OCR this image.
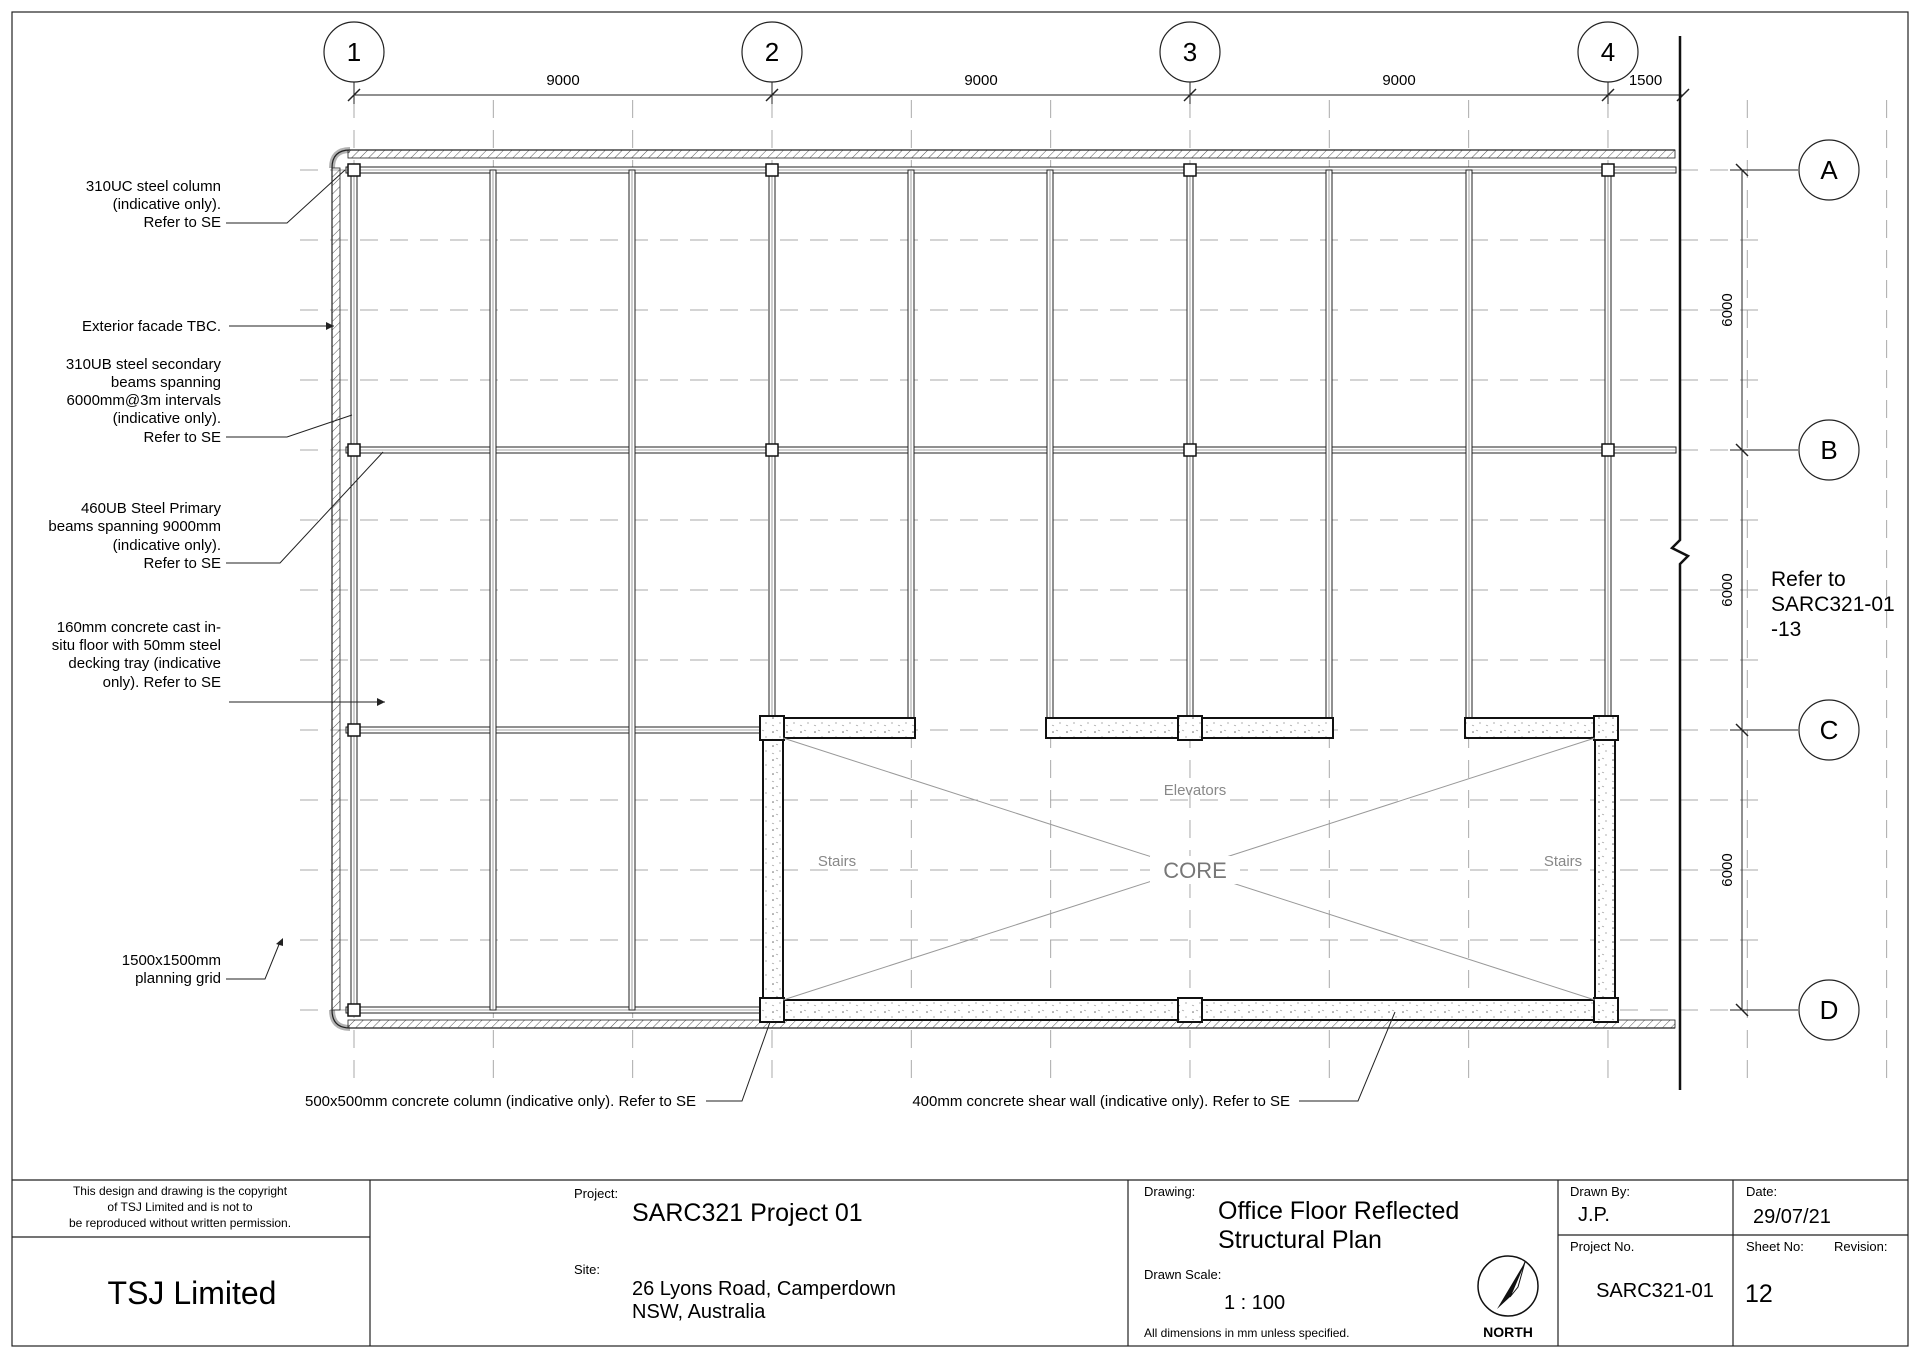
CORE
Elevators
Stairs	Stairs
1	2	3	4
9000	9000	9000	1500
A
B
C
D
6000
6000
6000
Refer to
SARC321-01
-13
310UC steel column
(indicative only).
Refer to SE
Exterior facade TBC.
310UB steel secondary
beams spanning
6000mm@3m intervals
(indicative only).
Refer to SE
460UB Steel Primary
beams spanning 9000mm
(indicative only).
Refer to SE
160mm concrete cast in-
situ floor with 50mm steel
decking tray (indicative
only). Refer to SE
1500x1500mm
planning grid
500x500mm concrete column (indicative only). Refer to SE	400mm concrete shear wall (indicative only). Refer to SE
This design and drawing is the copyright
of TSJ Limited and is not to
be reproduced without written permission.
TSJ Limited
Project:
SARC321 Project 01
Site:
26 Lyons Road, Camperdown
NSW, Australia
Drawing:
Office Floor Reflected
Structural Plan
Drawn Scale:
1 : 100
All dimensions in mm unless specified.	NORTH
Drawn By:
J.P.
Date:
29/07/21
Project No.
SARC321-01
Sheet No:
12
Revision:
